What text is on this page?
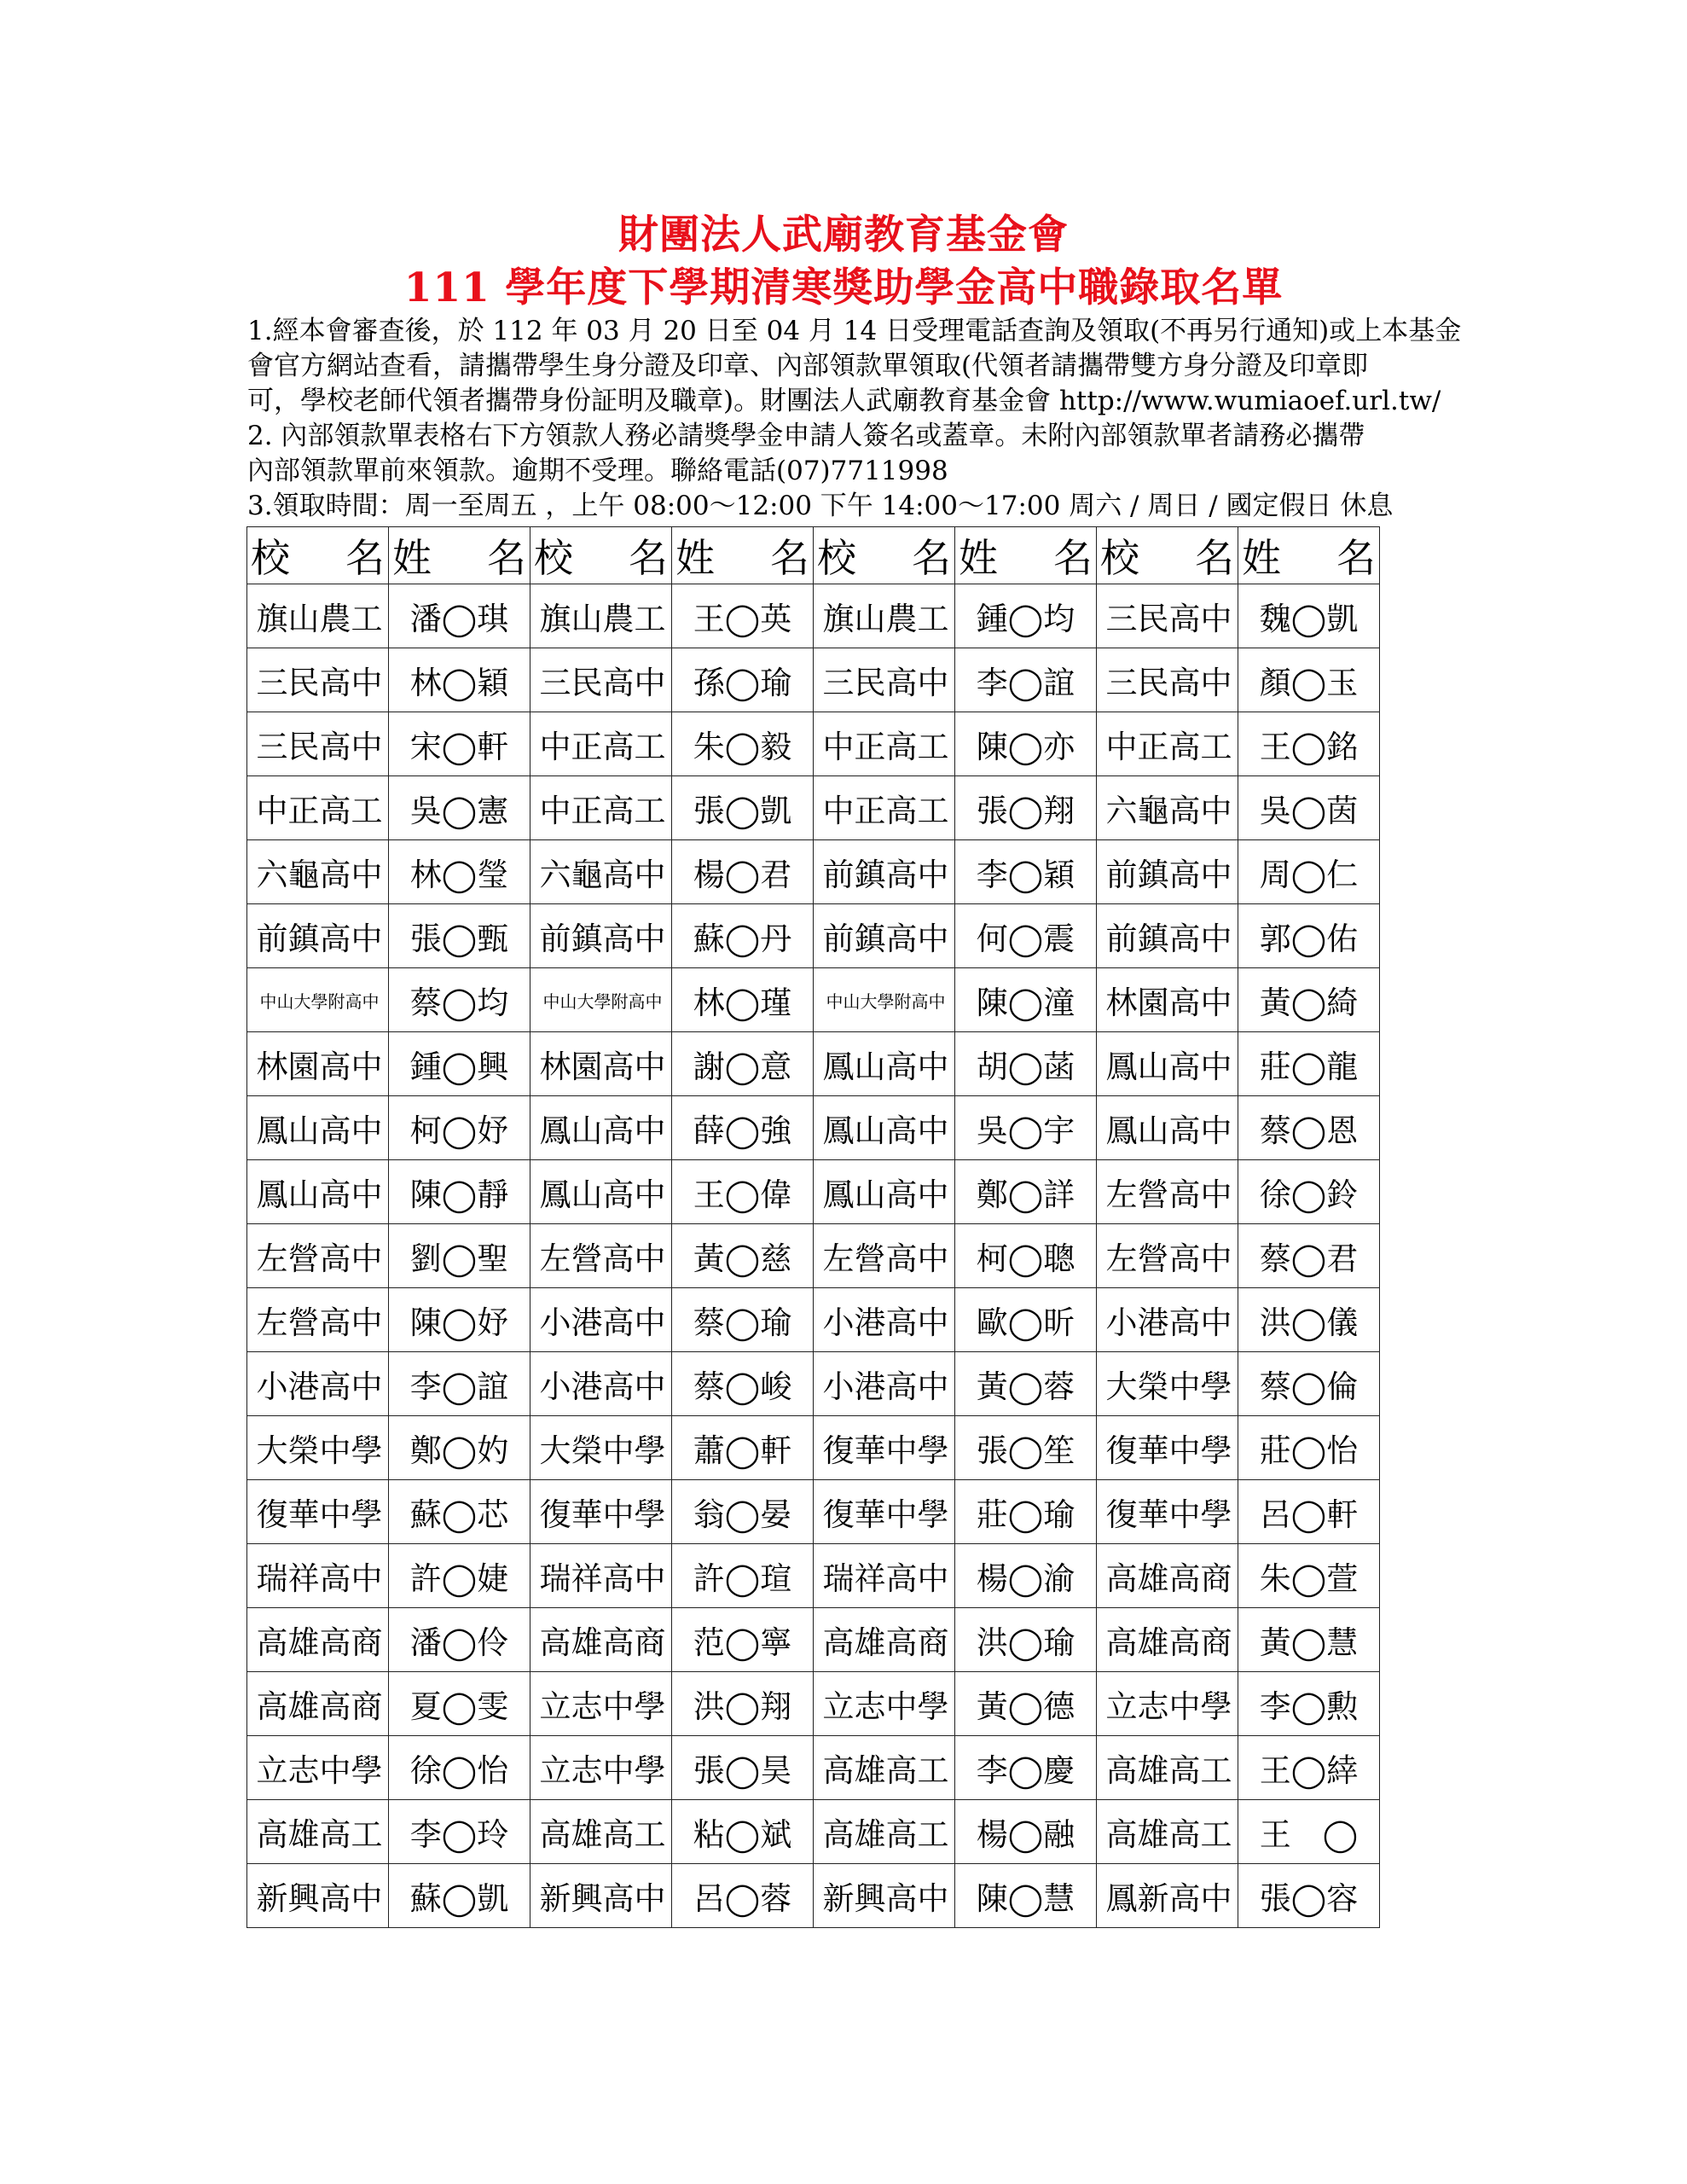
財團法人武廟教育基金會
111 學年度下學期清寒獎助學金高中職錄取名單
1.經本會審查後，於 112 年 03 月 20 日至 04 月 14 日受理電話查詢及領取(不再另行通知)或上本基金
會官方網站查看，請攜帶學生身分證及印章、內部領款單領取(代領者請攜帶雙方身分證及印章即
可，學校老師代領者攜帶身份証明及職章)。財團法人武廟教育基金會 http://www.wumiaoef.url.tw/
2. 內部領款單表格右下方領款人務必請獎學金申請人簽名或蓋章。未附內部領款單者請務必攜帶
內部領款單前來領款。逾期不受理。聯絡電話(07)7711998
3.領取時間：周一至周五 ，上午 08:00～12:00 下午 14:00～17:00 周六 / 周日 / 國定假日 休息
校 名	姓 名	校 名	姓 名	校 名	姓 名	校 名	姓 名

旗山農工	潘◯琪	旗山農工	王◯英	旗山農工	鍾◯均	三民高中	魏◯凱
三民高中	林◯穎	三民高中	孫◯瑜	三民高中	李◯誼	三民高中	顏◯玉
三民高中	宋◯軒	中正高工	朱◯毅	中正高工	陳◯亦	中正高工	王◯銘
中正高工	吳◯憲	中正高工	張◯凱	中正高工	張◯翔	六龜高中	吳◯茵
六龜高中	林◯瑩	六龜高中	楊◯君	前鎮高中	李◯穎	前鎮高中	周◯仁
前鎮高中	張◯甄	前鎮高中	蘇◯丹	前鎮高中	何◯震	前鎮高中	郭◯佑
中山大學附高中	蔡◯均	中山大學附高中	林◯瑾	中山大學附高中	陳◯潼	林園高中	黃◯綺
林園高中	鍾◯興	林園高中	謝◯意	鳳山高中	胡◯菡	鳳山高中	莊◯龍
鳳山高中	柯◯妤	鳳山高中	薛◯強	鳳山高中	吳◯宇	鳳山高中	蔡◯恩
鳳山高中	陳◯靜	鳳山高中	王◯偉	鳳山高中	鄭◯詳	左營高中	徐◯鈴
左營高中	劉◯聖	左營高中	黃◯慈	左營高中	柯◯聰	左營高中	蔡◯君
左營高中	陳◯妤	小港高中	蔡◯瑜	小港高中	歐◯昕	小港高中	洪◯儀
小港高中	李◯誼	小港高中	蔡◯峻	小港高中	黃◯蓉	大榮中學	蔡◯倫
大榮中學	鄭◯妁	大榮中學	蕭◯軒	復華中學	張◯笙	復華中學	莊◯怡
復華中學	蘇◯芯	復華中學	翁◯晏	復華中學	莊◯瑜	復華中學	呂◯軒
瑞祥高中	許◯婕	瑞祥高中	許◯瑄	瑞祥高中	楊◯渝	高雄高商	朱◯萱
高雄高商	潘◯伶	高雄高商	范◯寧	高雄高商	洪◯瑜	高雄高商	黃◯慧
高雄高商	夏◯雯	立志中學	洪◯翔	立志中學	黃◯德	立志中學	李◯勲
立志中學	徐◯怡	立志中學	張◯昊	高雄高工	李◯慶	高雄高工	王◯緈
高雄高工	李◯玲	高雄高工	粘◯斌	高雄高工	楊◯融	高雄高工	王　◯
新興高中	蘇◯凱	新興高中	呂◯蓉	新興高中	陳◯慧	鳳新高中	張◯容
